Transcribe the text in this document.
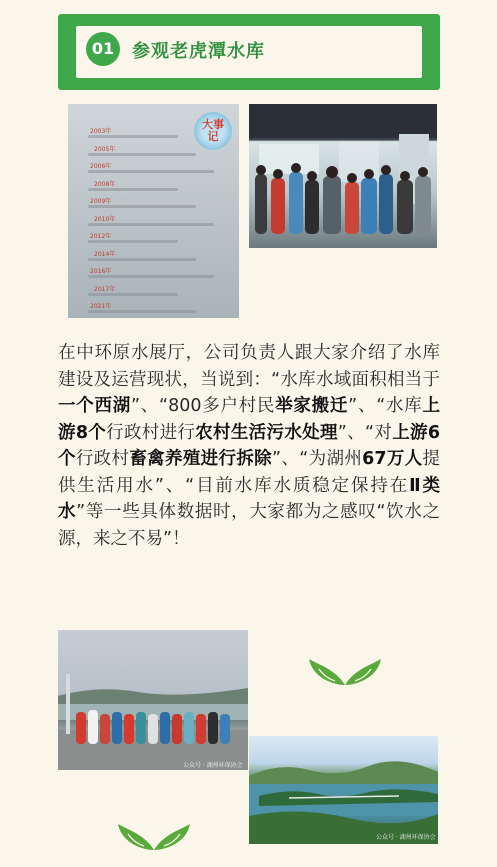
01 参观老虎潭水库
大事记
2003年
2005年
2006年
2008年
2009年
2010年
2012年
2014年
2016年
2017年
2021年
在中环原水展厅，公司负责人跟大家介绍了水库建设及运营现状，当说到：“水库水域面积相当于一个西湖”、“800多户村民举家搬迁”、“水库上游8个行政村进行农村生活污水处理”、“对上游6个行政村畜禽养殖进行拆除”、“为湖州67万人提供生活用水”、“目前水库水质稳定保持在Ⅱ类水”等一些具体数据时，大家都为之感叹“饮水之源，来之不易”！
公众号 · 湖州环保协会
公众号 · 湖州环保协会
